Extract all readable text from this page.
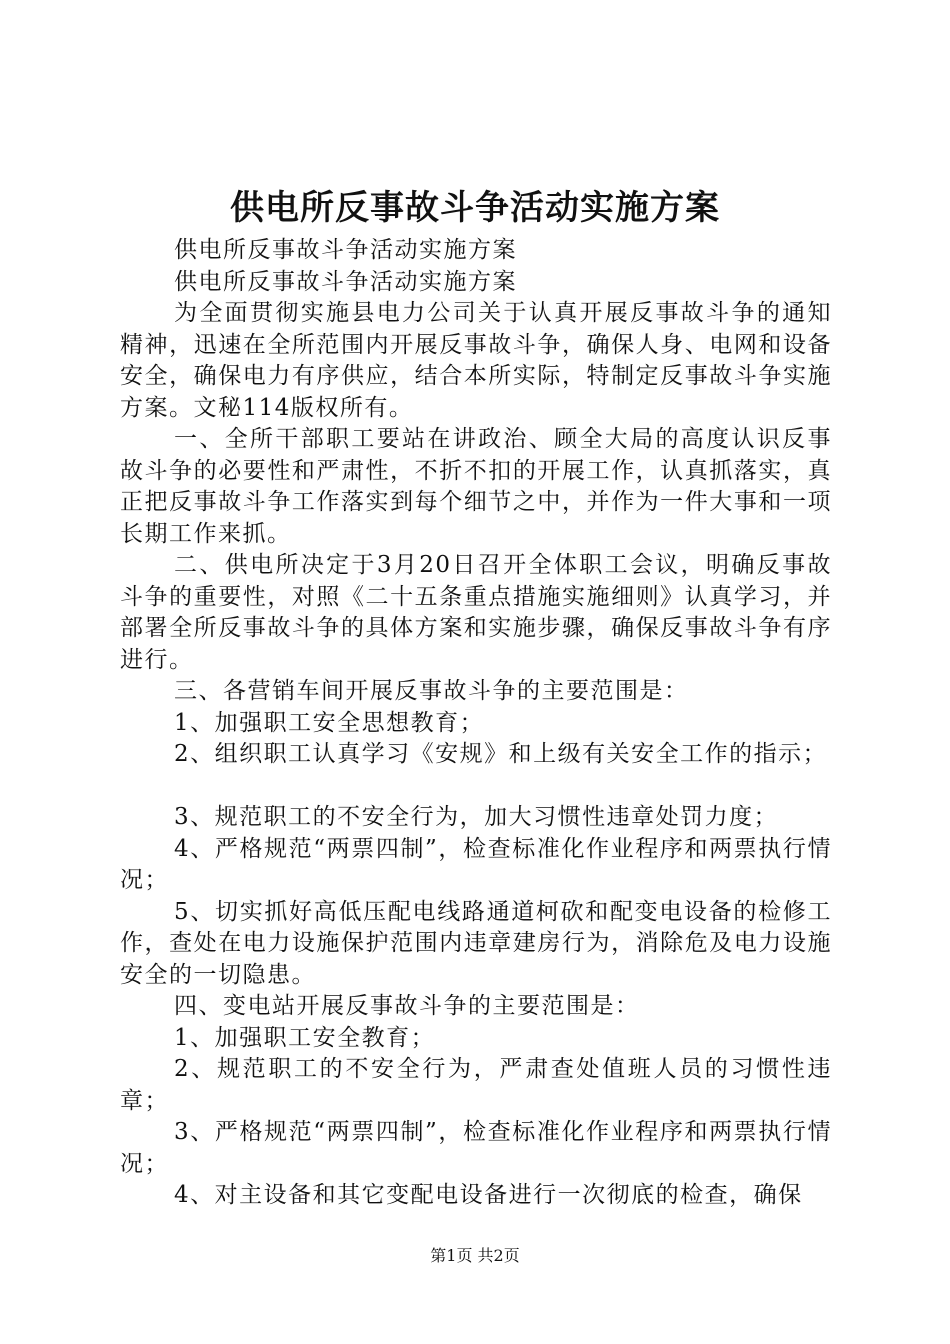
供电所反事故斗争活动实施方案

供电所反事故斗争活动实施方案

供电所反事故斗争活动实施方案

为全面贯彻实施县电力公司关于认真开展反事故斗争的通知精神，迅速在全所范围内开展反事故斗争，确保人身、电网和设备安全，确保电力有序供应，结合本所实际，特制定反事故斗争实施方案。文秘114版权所有。

一、全所干部职工要站在讲政治、顾全大局的高度认识反事故斗争的必要性和严肃性，不折不扣的开展工作，认真抓落实，真正把反事故斗争工作落实到每个细节之中，并作为一件大事和一项长期工作来抓。

二、供电所决定于3月20日召开全体职工会议，明确反事故斗争的重要性，对照《二十五条重点措施实施细则》认真学习，并部署全所反事故斗争的具体方案和实施步骤，确保反事故斗争有序进行。

三、各营销车间开展反事故斗争的主要范围是：

1、加强职工安全思想教育；

2、组织职工认真学习《安规》和上级有关安全工作的指示；

3、规范职工的不安全行为，加大习惯性违章处罚力度；

4、严格规范“两票四制”，检查标准化作业程序和两票执行情况；

5、切实抓好高低压配电线路通道柯砍和配变电设备的检修工作，查处在电力设施保护范围内违章建房行为，消除危及电力设施安全的一切隐患。

四、变电站开展反事故斗争的主要范围是：

1、加强职工安全教育；

2、规范职工的不安全行为，严肃查处值班人员的习惯性违章；

3、严格规范“两票四制”，检查标准化作业程序和两票执行情况；

4、对主设备和其它变配电设备进行一次彻底的检查，确保

第1页 共2页
